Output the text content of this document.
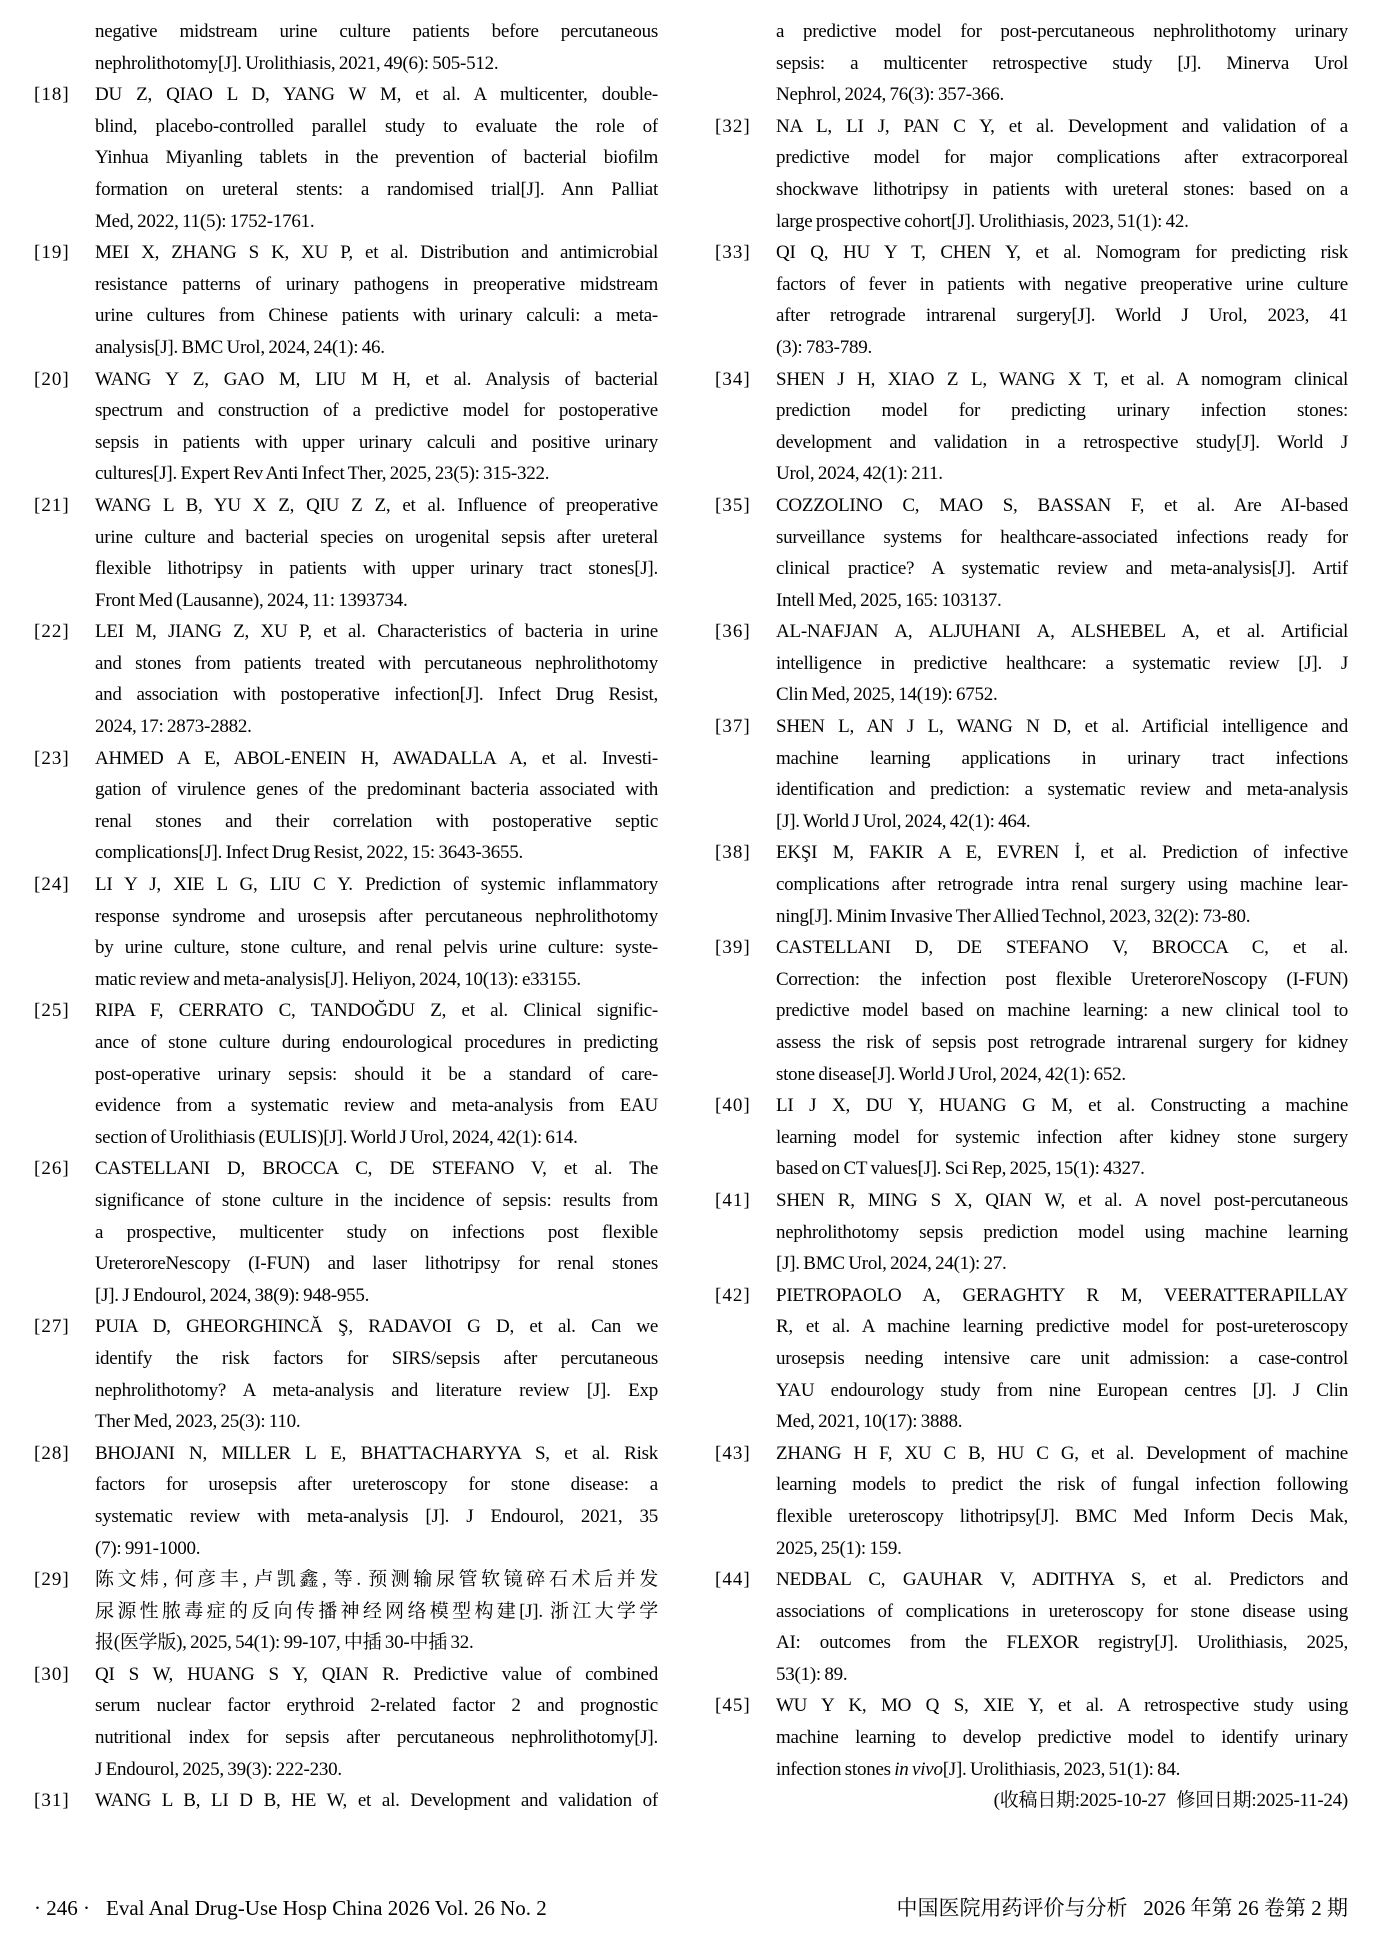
negative midstream urine culture patients before percutaneous
nephrolithotomy[J]. Urolithiasis, 2021, 49(6): 505-512.
[18] DU Z, QIAO L D, YANG W M, et al. A multicenter, double-
blind, placebo-controlled parallel study to evaluate the role of
Yinhua Miyanling tablets in the prevention of bacterial biofilm
formation on ureteral stents: a randomised trial[J]. Ann Palliat
Med, 2022, 11(5): 1752-1761.
[19] MEI X, ZHANG S K, XU P, et al. Distribution and antimicrobial
resistance patterns of urinary pathogens in preoperative midstream
urine cultures from Chinese patients with urinary calculi: a meta-
analysis[J]. BMC Urol, 2024, 24(1): 46.
[20] WANG Y Z, GAO M, LIU M H, et al. Analysis of bacterial
spectrum and construction of a predictive model for postoperative
sepsis in patients with upper urinary calculi and positive urinary
cultures[J]. Expert Rev Anti Infect Ther, 2025, 23(5): 315-322.
[21] WANG L B, YU X Z, QIU Z Z, et al. Influence of preoperative
urine culture and bacterial species on urogenital sepsis after ureteral
flexible lithotripsy in patients with upper urinary tract stones[J].
Front Med (Lausanne), 2024, 11: 1393734.
[22] LEI M, JIANG Z, XU P, et al. Characteristics of bacteria in urine
and stones from patients treated with percutaneous nephrolithotomy
and association with postoperative infection[J]. Infect Drug Resist,
2024, 17: 2873-2882.
[23] AHMED A E, ABOL-ENEIN H, AWADALLA A, et al. Investi-
gation of virulence genes of the predominant bacteria associated with
renal stones and their correlation with postoperative septic
complications[J]. Infect Drug Resist, 2022, 15: 3643-3655.
[24] LI Y J, XIE L G, LIU C Y. Prediction of systemic inflammatory
response syndrome and urosepsis after percutaneous nephrolithotomy
by urine culture, stone culture, and renal pelvis urine culture: syste-
matic review and meta-analysis[J]. Heliyon, 2024, 10(13): e33155.
[25] RIPA F, CERRATO C, TANDOĞDU Z, et al. Clinical signific-
ance of stone culture during endourological procedures in predicting
post-operative urinary sepsis: should it be a standard of care-
evidence from a systematic review and meta-analysis from EAU
section of Urolithiasis (EULIS)[J]. World J Urol, 2024, 42(1): 614.
[26] CASTELLANI D, BROCCA C, DE STEFANO V, et al. The
significance of stone culture in the incidence of sepsis: results from
a prospective, multicenter study on infections post flexible
UreteroreNescopy (I-FUN) and laser lithotripsy for renal stones
[J]. J Endourol, 2024, 38(9): 948-955.
[27] PUIA D, GHEORGHINCĂ Ş, RADAVOI G D, et al. Can we
identify the risk factors for SIRS/sepsis after percutaneous
nephrolithotomy? A meta-analysis and literature review [J]. Exp
Ther Med, 2023, 25(3): 110.
[28] BHOJANI N, MILLER L E, BHATTACHARYYA S, et al. Risk
factors for urosepsis after ureteroscopy for stone disease: a
systematic review with meta-analysis [J]. J Endourol, 2021, 35
(7): 991-1000.
[29] 陈文炜, 何彦丰, 卢凯鑫, 等. 预测输尿管软镜碎石术后并发
尿源性脓毒症的反向传播神经网络模型构建[J]. 浙江大学学
报(医学版), 2025, 54(1): 99-107, 中插 30-中插 32.
[30] QI S W, HUANG S Y, QIAN R. Predictive value of combined
serum nuclear factor erythroid 2-related factor 2 and prognostic
nutritional index for sepsis after percutaneous nephrolithotomy[J].
J Endourol, 2025, 39(3): 222-230.
[31] WANG L B, LI D B, HE W, et al. Development and validation of
a predictive model for post-percutaneous nephrolithotomy urinary
sepsis: a multicenter retrospective study [J]. Minerva Urol
Nephrol, 2024, 76(3): 357-366.
[32] NA L, LI J, PAN C Y, et al. Development and validation of a
predictive model for major complications after extracorporeal
shockwave lithotripsy in patients with ureteral stones: based on a
large prospective cohort[J]. Urolithiasis, 2023, 51(1): 42.
[33] QI Q, HU Y T, CHEN Y, et al. Nomogram for predicting risk
factors of fever in patients with negative preoperative urine culture
after retrograde intrarenal surgery[J]. World J Urol, 2023, 41
(3): 783-789.
[34] SHEN J H, XIAO Z L, WANG X T, et al. A nomogram clinical
prediction model for predicting urinary infection stones:
development and validation in a retrospective study[J]. World J
Urol, 2024, 42(1): 211.
[35] COZZOLINO C, MAO S, BASSAN F, et al. Are AI-based
surveillance systems for healthcare-associated infections ready for
clinical practice? A systematic review and meta-analysis[J]. Artif
Intell Med, 2025, 165: 103137.
[36] AL-NAFJAN A, ALJUHANI A, ALSHEBEL A, et al. Artificial
intelligence in predictive healthcare: a systematic review [J]. J
Clin Med, 2025, 14(19): 6752.
[37] SHEN L, AN J L, WANG N D, et al. Artificial intelligence and
machine learning applications in urinary tract infections
identification and prediction: a systematic review and meta-analysis
[J]. World J Urol, 2024, 42(1): 464.
[38] EKŞI M, FAKIR A E, EVREN İ, et al. Prediction of infective
complications after retrograde intra renal surgery using machine lear-
ning[J]. Minim Invasive Ther Allied Technol, 2023, 32(2): 73-80.
[39] CASTELLANI D, DE STEFANO V, BROCCA C, et al.
Correction: the infection post flexible UreteroreNoscopy (I-FUN)
predictive model based on machine learning: a new clinical tool to
assess the risk of sepsis post retrograde intrarenal surgery for kidney
stone disease[J]. World J Urol, 2024, 42(1): 652.
[40] LI J X, DU Y, HUANG G M, et al. Constructing a machine
learning model for systemic infection after kidney stone surgery
based on CT values[J]. Sci Rep, 2025, 15(1): 4327.
[41] SHEN R, MING S X, QIAN W, et al. A novel post-percutaneous
nephrolithotomy sepsis prediction model using machine learning
[J]. BMC Urol, 2024, 24(1): 27.
[42] PIETROPAOLO A, GERAGHTY R M, VEERATTERAPILLAY
R, et al. A machine learning predictive model for post-ureteroscopy
urosepsis needing intensive care unit admission: a case-control
YAU endourology study from nine European centres [J]. J Clin
Med, 2021, 10(17): 3888.
[43] ZHANG H F, XU C B, HU C G, et al. Development of machine
learning models to predict the risk of fungal infection following
flexible ureteroscopy lithotripsy[J]. BMC Med Inform Decis Mak,
2025, 25(1): 159.
[44] NEDBAL C, GAUHAR V, ADITHYA S, et al. Predictors and
associations of complications in ureteroscopy for stone disease using
AI: outcomes from the FLEXOR registry[J]. Urolithiasis, 2025,
53(1): 89.
[45] WU Y K, MO Q S, XIE Y, et al. A retrospective study using
machine learning to develop predictive model to identify urinary
infection stones in vivo[J]. Urolithiasis, 2023, 51(1): 84.
(收稿日期:2025-10-27   修回日期:2025-11-24)
· 246 · Eval Anal Drug-Use Hosp China 2026 Vol. 26 No. 2	中国医院用药评价与分析   2026 年第 26 卷第 2 期
